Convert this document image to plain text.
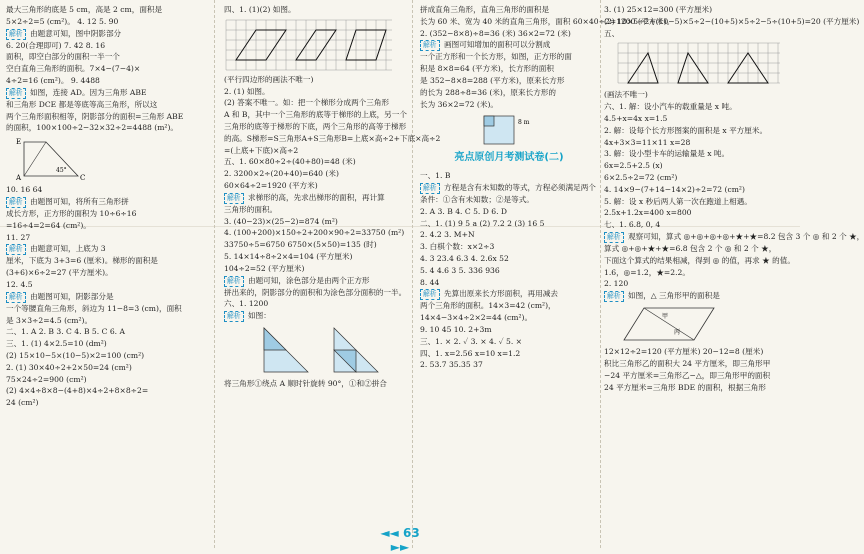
最大三角形的底是 5 cm，高是 2 cm，面积是
5×2÷2=5 (cm²)。 4. 12 5. 90
解析 由题意可知，图中阴影部分
6. 20(合理即可) 7. 42 8. 16
面积，即空白部分的面积一半一个
空白直角三角形的面积。7×4−(7−4)×
4÷2=16 (cm²)。 9. 4488
解析 如图，连接 AD。因为三角形 ABE
和三角形 DCE 都是等底等高三角形，所以这
两个三角形面积相等，阴影部分的面积=三角形 ABE
的面积，100×100÷2−32×32÷2=4488 (m²)。
E
A	C
45°
10. 16 64
解析 由题图可知，将所有三角形拼
成长方形，正方形的面积为 10÷6÷16
=16÷4=2=64 (cm²)。
11. 27
解析 由题意可知，上底为 3
厘米，下底为 3+3=6 (厘米)。梯形的面积是
(3+6)×6÷2=27 (平方厘米)。
12. 4.5
解析 由题图可知，阴影部分是
一个等腰直角三角形，斜边为 11−8=3 (cm)，面积
是 3×3÷2=4.5 (cm²)。
二、1. A 2. B 3. C 4. B 5. C 6. A
三、1. (1) 4×2.5=10 (dm²)
(2) 15×10−5×(10−5)×2=100 (cm²)
2. (1) 30×40÷2+2×50=24 (cm²)
75×24÷2=900 (cm²)
(2) 4×4÷8×8−(4+8)×4÷2+8×8÷2=
24 (cm²)
四、1. (1)(2) 如图。
(平行四边形的画法不唯一)
2. (1) 如图。
(2) 答案不唯一。如：把一个梯形分成两个三角形
A 和 B，其中一个三角形的底等于梯形的上底，另一个
三角形的底等于梯形的下底，两个三角形的高等于梯形
的高。S梯形=S三角形A+S三角形B=上底×高÷2+下底×高÷2
=(上底+下底)×高÷2
五、1. 60×80÷2÷(40+80)=48 (米)
2. 3200×2÷(20+40)=640 (米)
60×64÷2=1920 (平方米)
解析 求梯形的高，先求出梯形的面积，再计算
三角形的面积。
3. (40−23)×(25−2)=874 (m²)
4. (100+200)×150÷2+200×90÷2=33750 (m²)
33750÷5=6750 6750×(5×50)=135 (时)
5. 14×14÷8÷2×4=104 (平方厘米)
104÷2=52 (平方厘米)
解析 由题可知，涂色部分是由两个正方形
拼出来的，阴影部分的面积和为涂色部分面积的一半。
六、1. 1200
解析 如图：
将三角形①绕点 A 顺时针旋转 90°，①和②拼合
拼成直角三角形，直角三角形的面积是
长为 60 米、宽为 40 米的直角三角形，面积 60×40÷2=1200 (平方米)。
2. (352−8×8)÷8=36 (米) 36×2=72 (米)
解析 画图可知增加的面积可以分割成
一个正方形和一个长方形，如图，正方形的面
积是 8×8=64 (平方米)，长方形的面积
是 352−8×8=288 (平方米)，原来长方形
的长为 288÷8=36 (米)，原来长方形的
长为 36×2=72 (米)。
8 m
亮点原创月考测试卷(二)
一、1. B
解析 方程是含有未知数的等式，方程必须满足两个
条件：①含有未知数；②是等式。
2. A 3. B 4. C 5. D 6. D
二、1. (1) 9 5 a (2) 7.2 2 (3) 16 5
2. 4.2 3. M+N
3. 白棋个数：x×2÷3
4. 3 23.4 6.3 4. 2.6x 52
5. 4 4.6 3 5. 336 936
8. 44
解析 先算出原来长方形面积，再用减去
两个三角形的面积。14×3=42 (cm²)，
14×4−3×4÷2×2=44 (cm²)。
9. 10 45 10. 2+3m
三、1. × 2. ✓ 3. × 4. ✓ 5. ×
四、1. x=2.56 x=10 x=1.2
2. 53.7 35.35 37
3. (1) 25×12=300 (平方厘米)
(2) 10×5÷2+(10−5)×5÷2−(10+5)×5÷2−5÷(10+5)=20 (平方厘米)
五、
(画法不唯一)
六、1. 解：设小汽车的载重量是 x 吨。
4.5+x=4x x=1.5
2. 解：设每个长方形图案的面积是 x 平方厘米。
4x+3×3=11×11 x=28
3. 解：设小型卡车的运输量是 x 吨。
6x=2.5+2.5 (x)
6×2.5÷2=72 (cm²)
4. 14×9−(7+14−14×2)÷2=72 (cm²)
5. 解：设 x 秒后两人第一次在跑道上相遇。
2.5x+1.2x=400 x=800
七、1. 6.8, 0, 4
解析 观察可知，算式 ◎+◎+◎+◎+★+★=8.2 包含 3 个 ◎ 和 2 个 ★，
算式 ◎+◎+★+★=6.8 包含 2 个 ◎ 和 2 个 ★，
下面这个算式的结果相减，得到 ◎ 的值，再求 ★ 的值。
1.6，◎=1.2，★=2.2。
2. 120
解析 如图，△ 三角形甲的面积是
甲
丙
12×12÷2=120 (平方厘米) 20−12=8 (厘米)
积比三角形乙的面积大 24 平方厘米，即三角形甲
−24 平方厘米=三角形乙−△，即三角形甲的面积
24 平方厘米=三角形 BDE 的面积，根据三角形
◄◄ 63 ►►
